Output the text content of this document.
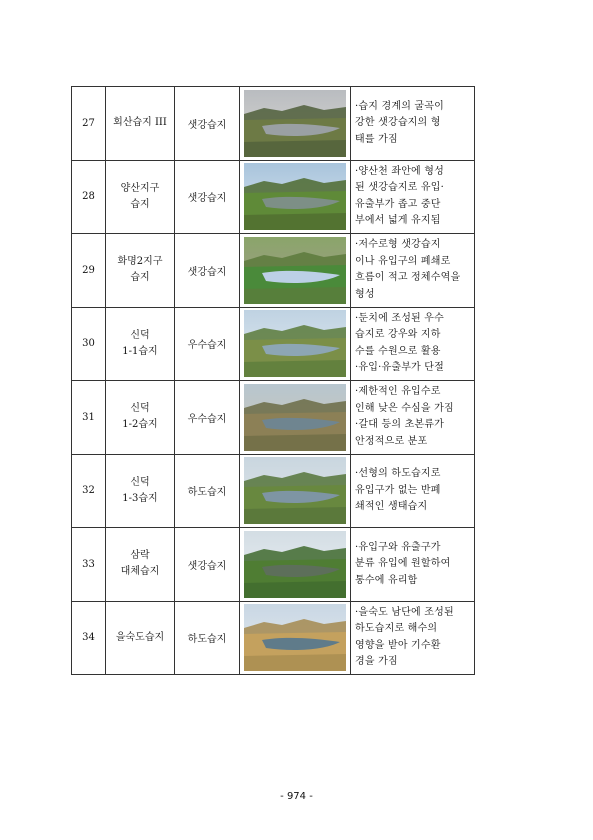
27	회산습지 III	샛강습지		·습지 경계의 굴곡이
강한 샛강습지의 형
태를 가짐

28	양산지구
습지	샛강습지		·양산천 좌안에 형성
된 샛강습지로 유입·
유출부가 좁고 중단
부에서 넓게 유지됨

29	화명2지구
습지	샛강습지		·저수로형 샛강습지
이나 유입구의 폐쇄로
흐름이 적고 정체수역을
형성

30	신덕
1-1습지	우수습지		·둔치에 조성된 우수
습지로 강우와 지하
수를 수원으로 활용
·유입·유출부가 단절

31	신덕
1-2습지	우수습지		·제한적인 유입수로
인해 낮은 수심을 가짐
·갈대 등의 초본류가
안정적으로 분포

32	신덕
1-3습지	하도습지		·선형의 하도습지로
유입구가 없는 반폐
쇄적인 생태습지

33	삼락
대체습지	샛강습지		·유입구와 유출구가
분류 유입에 원할하여
통수에 유리함

34	을숙도습지	하도습지		·을숙도 남단에 조성된
하도습지로 해수의
영향을 받아 기수환
경을 가짐
- 974 -
